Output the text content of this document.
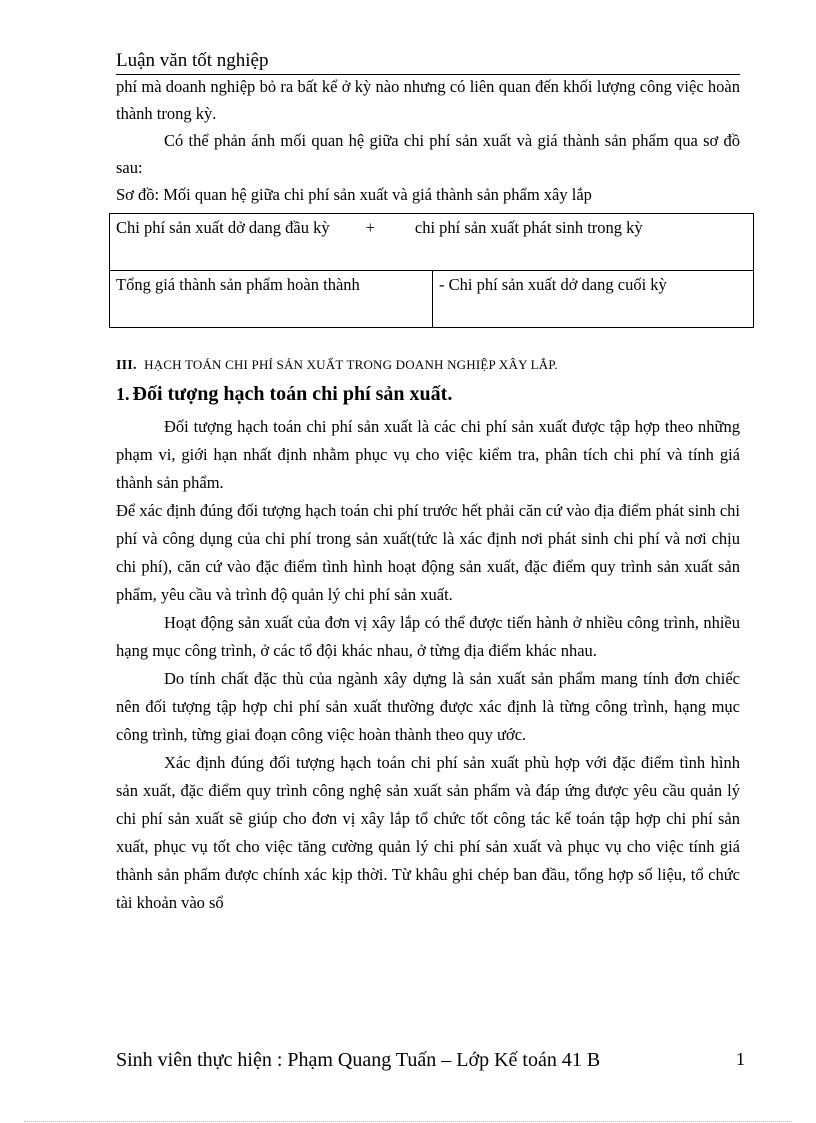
Luận văn tốt nghiệp

phí mà doanh nghiệp bỏ ra bất kể ở kỳ nào nhưng có liên quan đến khối lượng công việc hoàn thành trong kỳ.

Có thể phản ánh mối quan hệ giữa chi phí sản xuất và giá thành sản phẩm qua sơ đồ sau:

Sơ đồ: Mối quan hệ giữa chi phí sản xuất và giá thành sản phẩm xây lắp

Chi phí sản xuất dở dang đầu kỳ + chi phí sản xuất phát sinh trong kỳ
Tổng giá thành sản phẩm hoàn thành	- Chi phí sản xuất dở dang cuối kỳ
III. HẠCH TOÁN CHI PHÍ SẢN XUẤT TRONG DOANH NGHIỆP XÂY LẮP.
1. Đối tượng hạch toán chi phí sản xuất.

Đối tượng hạch toán chi phí sản xuất là các chi phí sản xuất được tập hợp theo những phạm vi, giới hạn nhất định nhằm phục vụ cho việc kiểm tra, phân tích chi phí và tính giá thành sản phẩm.

Để xác định đúng đối tượng hạch toán chi phí trước hết phải căn cứ vào địa điểm phát sinh chi phí và công dụng của chi phí trong sản xuất(tức là xác định nơi phát sinh chi phí và nơi chịu chi phí), căn cứ vào đặc điểm tình hình hoạt động sản xuất, đặc điểm quy trình sản xuất sản phẩm, yêu cầu và trình độ quản lý chi phí sản xuất.

Hoạt động sản xuất của đơn vị xây lắp có thể được tiến hành ở nhiều công trình, nhiều hạng mục công trình, ở các tổ đội khác nhau, ở từng địa điểm khác nhau.

Do tính chất đặc thù của ngành xây dựng là sản xuất sản phẩm mang tính đơn chiếc nên đối tượng tập hợp chi phí sản xuất thường được xác định là từng công trình, hạng mục công trình, từng giai đoạn công việc hoàn thành theo quy ước.

Xác định đúng đối tượng hạch toán chi phí sản xuất phù hợp với đặc điểm tình hình sản xuất, đặc điểm quy trình công nghệ sản xuất sản phẩm và đáp ứng được yêu cầu quản lý chi phí sản xuất sẽ giúp cho đơn vị xây lắp tổ chức tốt công tác kế toán tập hợp chi phí sản xuất, phục vụ tốt cho việc tăng cường quản lý chi phí sản xuất và phục vụ cho việc tính giá thành sản phẩm được chính xác kịp thời. Từ khâu ghi chép ban đầu, tổng hợp số liệu, tổ chức tài khoản vào sổ

Sinh viên thực hiện : Phạm Quang Tuấn – Lớp Kế toán 41 B	1
